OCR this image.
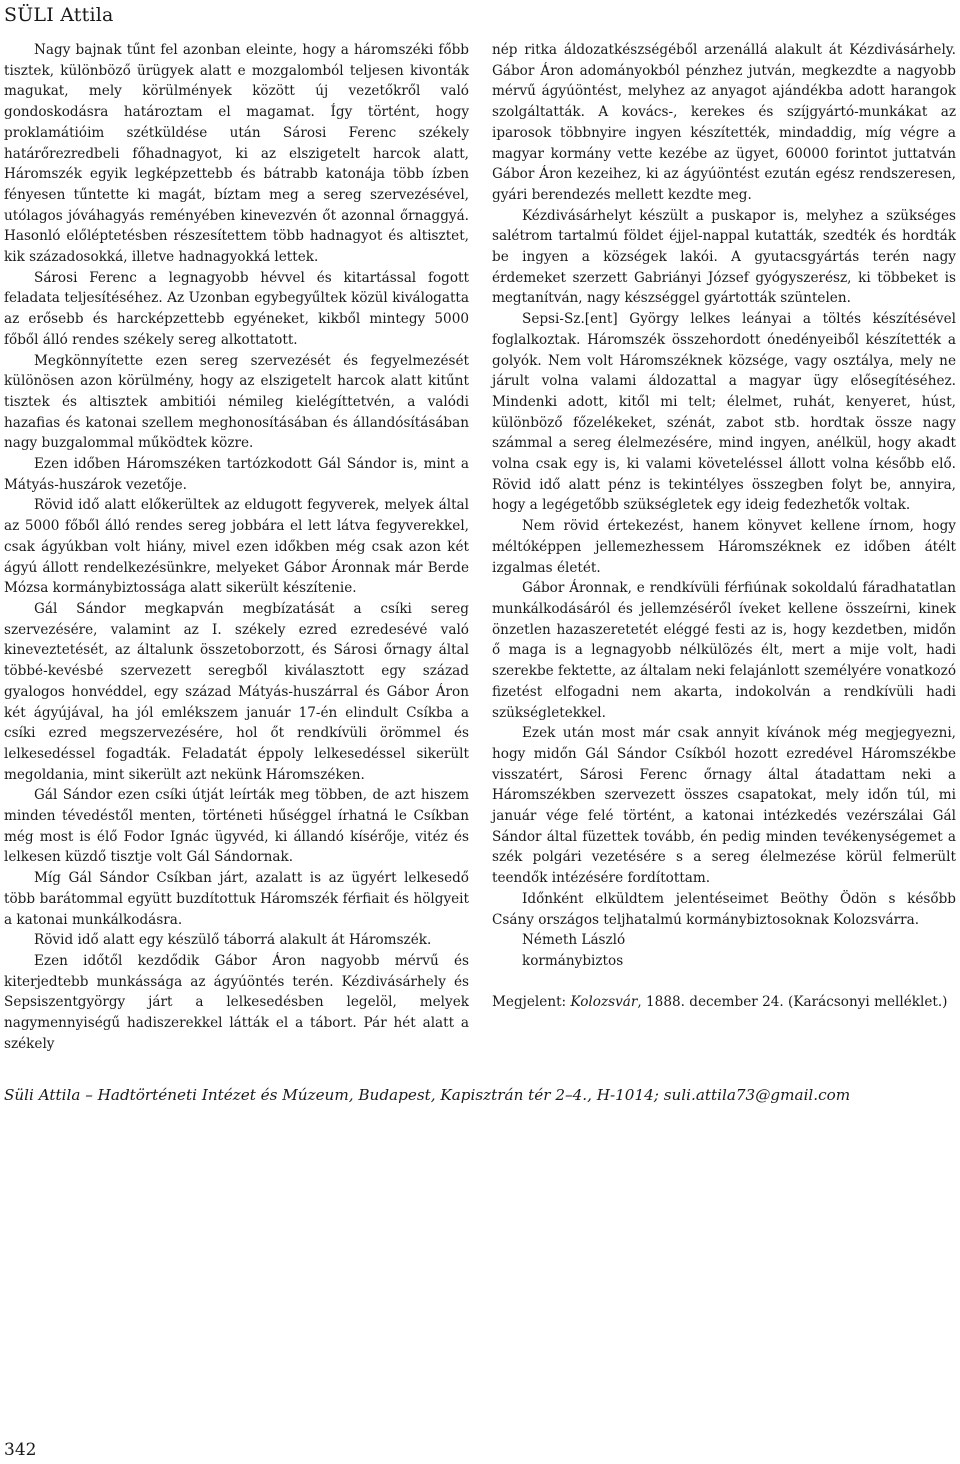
SÜLI Attila

Nagy bajnak tűnt fel azonban eleinte, hogy a háromszéki főbb tisztek, különböző ürügyek alatt e mozgalomból teljesen kivonták magukat, mely körülmények között új vezetőkről való gondoskodásra határoztam el magamat. Így történt, hogy proklamátióim szétküldése után Sárosi Ferenc székely határőrezredbeli főhadnagyot, ki az elszigetelt harcok alatt, Háromszék egyik legképzettebb és bátrabb katonája több ízben fényesen tűntette ki magát, bíztam meg a sereg szervezésével, utólagos jóváhagyás reményében kinevezvén őt azonnal őrnaggyá. Hasonló előléptetésben részesítettem több hadnagyot és altisztet, kik századosokká, illetve hadnagyokká lettek.

Sárosi Ferenc a legnagyobb hévvel és kitartással fogott feladata teljesítéséhez. Az Uzonban egybegyűltek közül kiválogatta az erősebb és harcképzettebb egyéneket, kikből mintegy 5000 főből álló rendes székely sereg alkottatott.

Megkönnyítette ezen sereg szervezését és fegyelmezését különösen azon körülmény, hogy az elszigetelt harcok alatt kitűnt tisztek és altisztek ambitiói némileg kielégíttetvén, a valódi hazafias és katonai szellem meghonosításában és állandósításában nagy buzgalommal működtek közre.

Ezen időben Háromszéken tartózkodott Gál Sándor is, mint a Mátyás-huszárok vezetője.

Rövid idő alatt előkerültek az eldugott fegyverek, melyek által az 5000 főből álló rendes sereg jobbára el lett látva fegyverekkel, csak ágyúkban volt hiány, mivel ezen időkben még csak azon két ágyú állott rendelkezésünkre, melyeket Gábor Áronnak már Berde Mózsa kormánybiztossága alatt sikerült készítenie.

Gál Sándor megkapván megbízatását a csíki sereg szervezésére, valamint az I. székely ezred ezredesévé való kineveztetését, az általunk összetoborzott, és Sárosi őrnagy által többé-kevésbé szervezett seregből kiválasztott egy század gyalogos honvéddel, egy század Mátyás-huszárral és Gábor Áron két ágyújával, ha jól emlékszem január 17-én elindult Csíkba a csíki ezred megszervezésére, hol őt rendkívüli örömmel és lelkesedéssel fogadták. Feladatát éppoly lelkesedéssel sikerült megoldania, mint sikerült azt nekünk Háromszéken.

Gál Sándor ezen csíki útját leírták meg többen, de azt hiszem minden tévedéstől menten, történeti hűséggel írhatná le Csíkban még most is élő Fodor Ignác ügyvéd, ki állandó kísérője, vitéz és lelkesen küzdő tisztje volt Gál Sándornak.

Míg Gál Sándor Csíkban járt, azalatt is az ügyért lelkesedő több barátommal együtt buzdítottuk Háromszék férfiait és hölgyeit a katonai munkálkodásra.

Rövid idő alatt egy készülő táborrá alakult át Háromszék.

Ezen időtől kezdődik Gábor Áron nagyobb mérvű és kiterjedtebb munkássága az ágyúöntés terén. Kézdivásárhely és Sepsiszentgyörgy járt a lelkesedésben legelöl, melyek nagymennyiségű hadiszerekkel látták el a tábort. Pár hét alatt a székely

nép ritka áldozatkészségéből arzenállá alakult át Kézdivásárhely. Gábor Áron adományokból pénzhez jutván, megkezdte a nagyobb mérvű ágyúöntést, melyhez az anyagot ajándékba adott harangok szolgáltatták. A kovács-, kerekes és szíjgyártó-munkákat az iparosok többnyire ingyen készítették, mindaddig, míg végre a magyar kormány vette kezébe az ügyet, 60000 forintot juttatván Gábor Áron kezeihez, ki az ágyúöntést ezután egész rendszeresen, gyári berendezés mellett kezdte meg.

Kézdivásárhelyt készült a puskapor is, melyhez a szükséges salétrom tartalmú földet éjjel-nappal kutatták, szedték és hordták be ingyen a községek lakói. A gyutacsgyártás terén nagy érdemeket szerzett Gabriányi József gyógyszerész, ki többeket is megtanítván, nagy készséggel gyártották szüntelen.

Sepsi-Sz.[ent] György lelkes leányai a töltés készítésével foglalkoztak. Háromszék összehordott ónedényeiből készítették a golyók. Nem volt Háromszéknek községe, vagy osztálya, mely ne járult volna valami áldozattal a magyar ügy elősegítéséhez. Mindenki adott, kitől mi telt; élelmet, ruhát, kenyeret, húst, különböző főzelékeket, szénát, zabot stb. hordtak össze nagy számmal a sereg élelmezésére, mind ingyen, anélkül, hogy akadt volna csak egy is, ki valami követeléssel állott volna később elő. Rövid idő alatt pénz is tekintélyes összegben folyt be, annyira, hogy a legégetőbb szükségletek egy ideig fedezhetők voltak.

Nem rövid értekezést, hanem könyvet kellene írnom, hogy méltóképpen jellemezhessem Háromszéknek ez időben átélt izgalmas életét.

Gábor Áronnak, e rendkívüli férfiúnak sokoldalú fáradhatatlan munkálkodásáról és jellemzéséről íveket kellene összeírni, kinek önzetlen hazaszeretetét eléggé festi az is, hogy kezdetben, midőn ő maga is a legnagyobb nélkülözés élt, mert a mije volt, hadi szerekbe fektette, az általam neki felajánlott személyére vonatkozó fizetést elfogadni nem akarta, indokolván a rendkívüli hadi szükségletekkel.

Ezek után most már csak annyit kívánok még megjegyezni, hogy midőn Gál Sándor Csíkból hozott ezredével Háromszékbe visszatért, Sárosi Ferenc őrnagy által átadattam neki a Háromszékben szervezett összes csapatokat, mely időn túl, mi január vége felé történt, a katonai intézkedés vezérszálai Gál Sándor által füzettek tovább, én pedig minden tevékenységemet a szék polgári vezetésére s a sereg élelmezése körül felmerült teendők intézésére fordítottam.

Időnként elküldtem jelentéseimet Beöthy Ödön s később Csány országos teljhatalmú kormánybiztosoknak Kolozsvárra.

Németh László

kormánybiztos

Megjelent: Kolozsvár, 1888. december 24. (Karácsonyi melléklet.)

Süli Attila – Hadtörténeti Intézet és Múzeum, Budapest, Kapisztrán tér 2–4., H-1014; suli.attila73@gmail.com
342
